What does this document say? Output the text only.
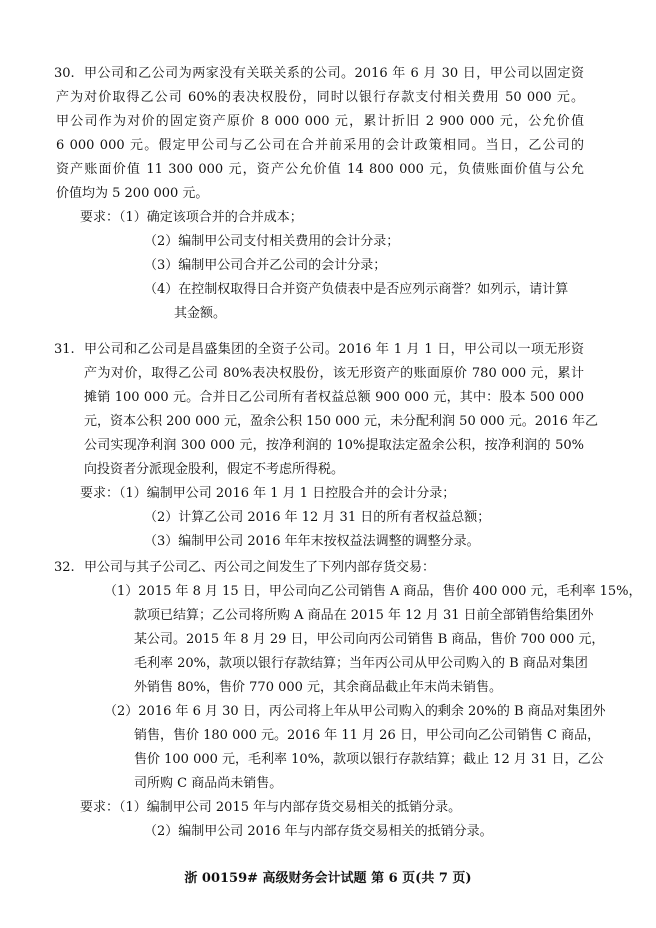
30. 甲公司和乙公司为两家没有关联关系的公司。2016 年 6 月 30 日，甲公司以固定资
产为对价取得乙公司 60%的表决权股份，同时以银行存款支付相关费用 50 000 元。
甲公司作为对价的固定资产原价 8 000 000 元，累计折旧 2 900 000 元，公允价值
6 000 000 元。假定甲公司与乙公司在合并前采用的会计政策相同。当日，乙公司的
资产账面价值 11 300 000 元，资产公允价值 14 800 000 元，负债账面价值与公允
价值均为 5 200 000 元。
要求：（1）确定该项合并的合并成本；
（2）编制甲公司支付相关费用的会计分录；
（3）编制甲公司合并乙公司的会计分录；
（4）在控制权取得日合并资产负债表中是否应列示商誉？如列示，请计算
其金额。
31. 甲公司和乙公司是昌盛集团的全资子公司。2016 年 1 月 1 日，甲公司以一项无形资
产为对价，取得乙公司 80%表决权股份，该无形资产的账面原价 780 000 元，累计
摊销 100 000 元。合并日乙公司所有者权益总额 900 000 元，其中：股本 500 000
元，资本公积 200 000 元，盈余公积 150 000 元，未分配利润 50 000 元。2016 年乙
公司实现净利润 300 000 元，按净利润的 10%提取法定盈余公积，按净利润的 50%
向投资者分派现金股利，假定不考虑所得税。
要求：（1）编制甲公司 2016 年 1 月 1 日控股合并的会计分录；
（2）计算乙公司 2016 年 12 月 31 日的所有者权益总额；
（3）编制甲公司 2016 年年末按权益法调整的调整分录。
32. 甲公司与其子公司乙、丙公司之间发生了下列内部存货交易：
（1）2015 年 8 月 15 日，甲公司向乙公司销售 A 商品，售价 400 000 元，毛利率 15%，
款项已结算；乙公司将所购 A 商品在 2015 年 12 月 31 日前全部销售给集团外
某公司。2015 年 8 月 29 日，甲公司向丙公司销售 B 商品，售价 700 000 元，
毛利率 20%，款项以银行存款结算；当年丙公司从甲公司购入的 B 商品对集团
外销售 80%，售价 770 000 元，其余商品截止年末尚未销售。
（2）2016 年 6 月 30 日，丙公司将上年从甲公司购入的剩余 20%的 B 商品对集团外
销售，售价 180 000 元。2016 年 11 月 26 日，甲公司向乙公司销售 C 商品，
售价 100 000 元，毛利率 10%，款项以银行存款结算；截止 12 月 31 日，乙公
司所购 C 商品尚未销售。
要求：（1）编制甲公司 2015 年与内部存货交易相关的抵销分录。
（2）编制甲公司 2016 年与内部存货交易相关的抵销分录。
浙 00159# 高级财务会计试题 第 6 页(共 7 页)
